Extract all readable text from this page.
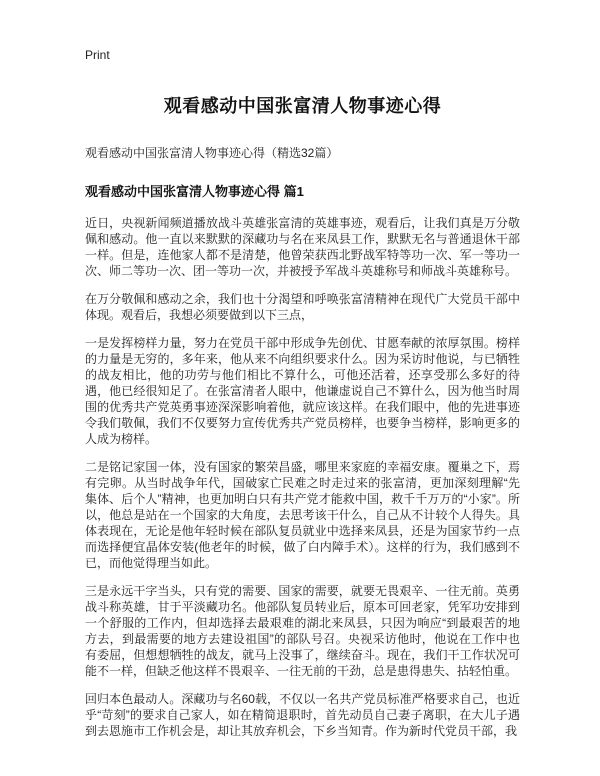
Print
观看感动中国张富清人物事迹心得
观看感动中国张富清人物事迹心得（精选32篇）
观看感动中国张富清人物事迹心得 篇1

近日，央视新闻频道播放战斗英雄张富清的英雄事迹，观看后，让我们真是万分敬佩和感动。他一直以来默默的深藏功与名在来凤县工作，默默无名与普通退休干部一样。但是，连他家人都不是清楚，他曾荣获西北野战军特等功一次、军一等功一次、师二等功一次、团一等功一次，并被授予军战斗英雄称号和师战斗英雄称号。

在万分敬佩和感动之余，我们也十分渴望和呼唤张富清精神在现代广大党员干部中体现。观看后，我想必须要做到以下三点，

一是发挥榜样力量，努力在党员干部中形成争先创优、甘愿奉献的浓厚氛围。榜样的力量是无穷的，多年来，他从来不向组织要求什么。因为采访时他说，与已牺牲的战友相比，他的功劳与他们相比不算什么，可他还活着，还享受那么多好的待遇，他已经很知足了。在张富清者人眼中，他谦虚说自己不算什么，因为他当时周围的优秀共产党英勇事迹深深影响着他，就应该这样。在我们眼中，他的先进事迹令我们敬佩，我们不仅要努力宣传优秀共产党员榜样，也要争当榜样，影响更多的人成为榜样。

二是铭记家国一体，没有国家的繁荣昌盛，哪里来家庭的幸福安康。覆巢之下，焉有完卵。从当时战争年代，国破家亡民难之时走过来的张富清，更加深刻理解“先集体、后个人”精神，也更加明白只有共产党才能救中国，救千千万万的“小家”。所以，他总是站在一个国家的大角度，去思考该干什么，自己从不计较个人得失。具体表现在，无论是他年轻时候在部队复员就业中选择来凤县，还是为国家节约一点而选择便宜晶体安装(他老年的时候，做了白内障手术）。这样的行为，我们感到不已，而他觉得理当如此。

三是永远干字当头，只有党的需要、国家的需要，就要无畏艰辛、一往无前。英勇战斗称英雄，甘于平淡藏功名。他部队复员转业后，原本可回老家，凭军功安排到一个舒服的工作内，但却选择去最艰难的湖北来凤县，只因为响应“到最艰苦的地方去，到最需要的地方去建设祖国”的部队号召。央视采访他时，他说在工作中也有委屈，但想想牺牲的战友，就马上没事了，继续奋斗。现在，我们干工作状况可能不一样，但缺乏他这样不畏艰辛、一往无前的干劲，总是患得患失、拈轻怕重。

回归本色最动人。深藏功与名60载，不仅以一名共产党员标准严格要求自己，也近乎“苛刻”的要求自己家人，如在精简退职时，首先动员自己妻子离职，在大儿子遇到去恩施市工作机会是，却让其放弃机会，下乡当知青。作为新时代党员干部，我
